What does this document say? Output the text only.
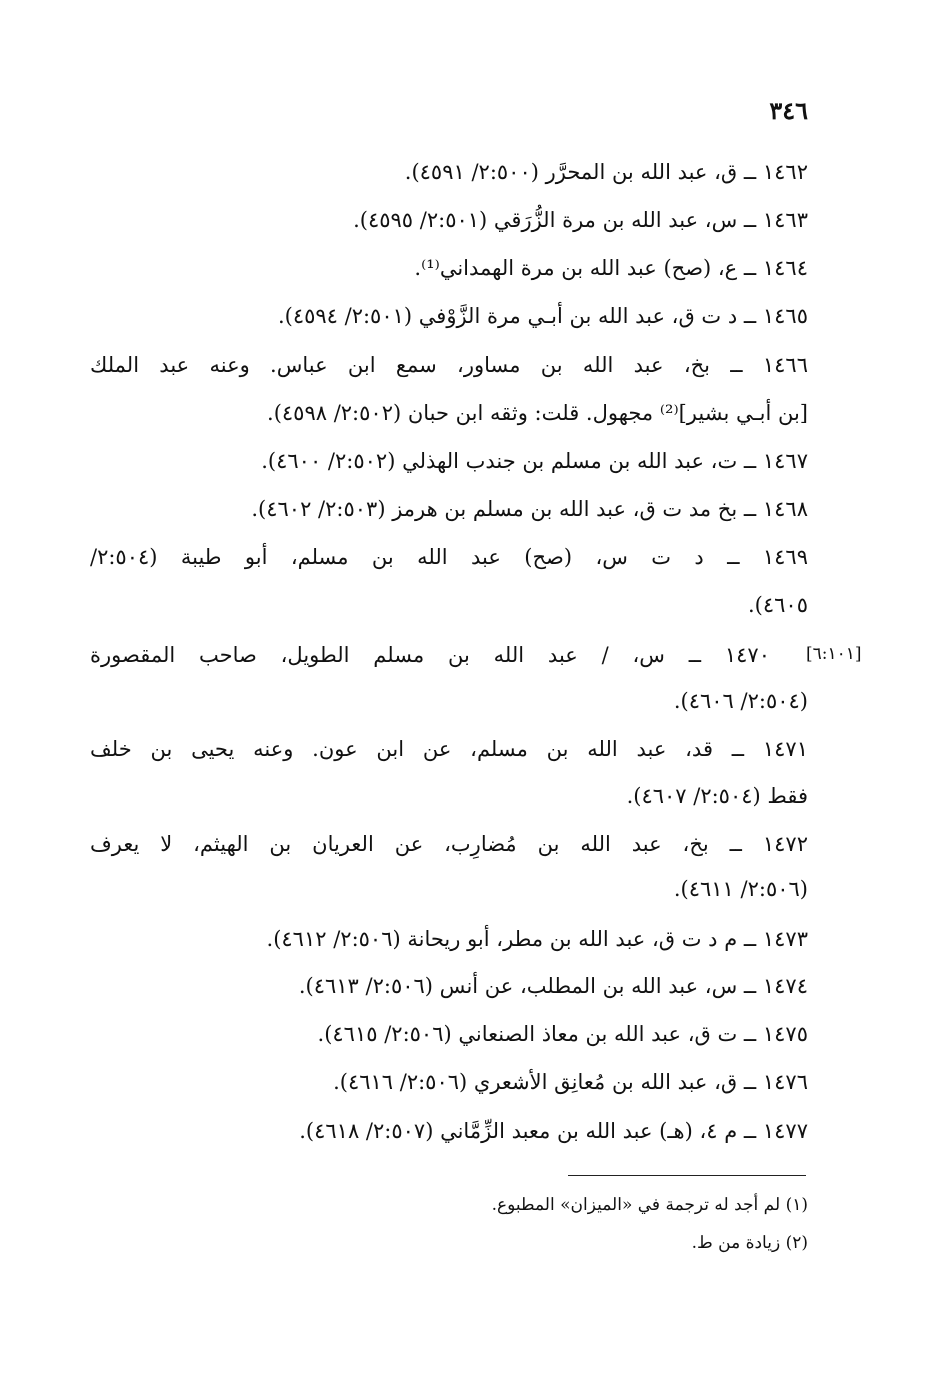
٣٤٦
١٤٦٢ ــ ق، عبد الله بن المحرَّر (٢:٥٠٠/ ٤٥٩١).
١٤٦٣ ــ س، عبد الله بن مرة الزُّرَقي (٢:٥٠١/ ٤٥٩٥).
١٤٦٤ ــ ع، (صح) عبد الله بن مرة الهمداني⁽¹⁾.
١٤٦٥ ــ د ت ق، عبد الله بن أبـي مرة الزَّوْفي (٢:٥٠١/ ٤٥٩٤).
١٤٦٦ ــ بخ، عبد الله بن مساور، سمع ابن عباس. وعنه عبد الملك
[بن أبـي بشير]⁽²⁾ مجهول. قلت: وثقه ابن حبان (٢:٥٠٢/ ٤٥٩٨).
١٤٦٧ ــ ت، عبد الله بن مسلم بن جندب الهذلي (٢:٥٠٢/ ٤٦٠٠).
١٤٦٨ ــ بخ مد ت ق، عبد الله بن مسلم بن هرمز (٢:٥٠٣/ ٤٦٠٢).
١٤٦٩ ــ د ت س، (صح) عبد الله بن مسلم، أبو طيبة (٢:٥٠٤/
٤٦٠٥).
[٦:١٠١]
١٤٧٠ ــ س، / عبد الله بن مسلم الطويل، صاحب المقصورة
(٢:٥٠٤/ ٤٦٠٦).
١٤٧١ ــ قد، عبد الله بن مسلم، عن ابن عون. وعنه يحيى بن خلف
فقط (٢:٥٠٤/ ٤٦٠٧).
١٤٧٢ ــ بخ، عبد الله بن مُضارِب، عن العريان بن الهيثم، لا يعرف
(٢:٥٠٦/ ٤٦١١).
١٤٧٣ ــ م د ت ق، عبد الله بن مطر، أبو ريحانة (٢:٥٠٦/ ٤٦١٢).
١٤٧٤ ــ س، عبد الله بن المطلب، عن أنس (٢:٥٠٦/ ٤٦١٣).
١٤٧٥ ــ ت ق، عبد الله بن معاذ الصنعاني (٢:٥٠٦/ ٤٦١٥).
١٤٧٦ ــ ق، عبد الله بن مُعانِق الأشعري (٢:٥٠٦/ ٤٦١٦).
١٤٧٧ ــ م ٤، (هـ) عبد الله بن معبد الزِّمَّاني (٢:٥٠٧/ ٤٦١٨).
(١) لم أجد له ترجمة في «الميزان» المطبوع.
(٢) زيادة من ط.
